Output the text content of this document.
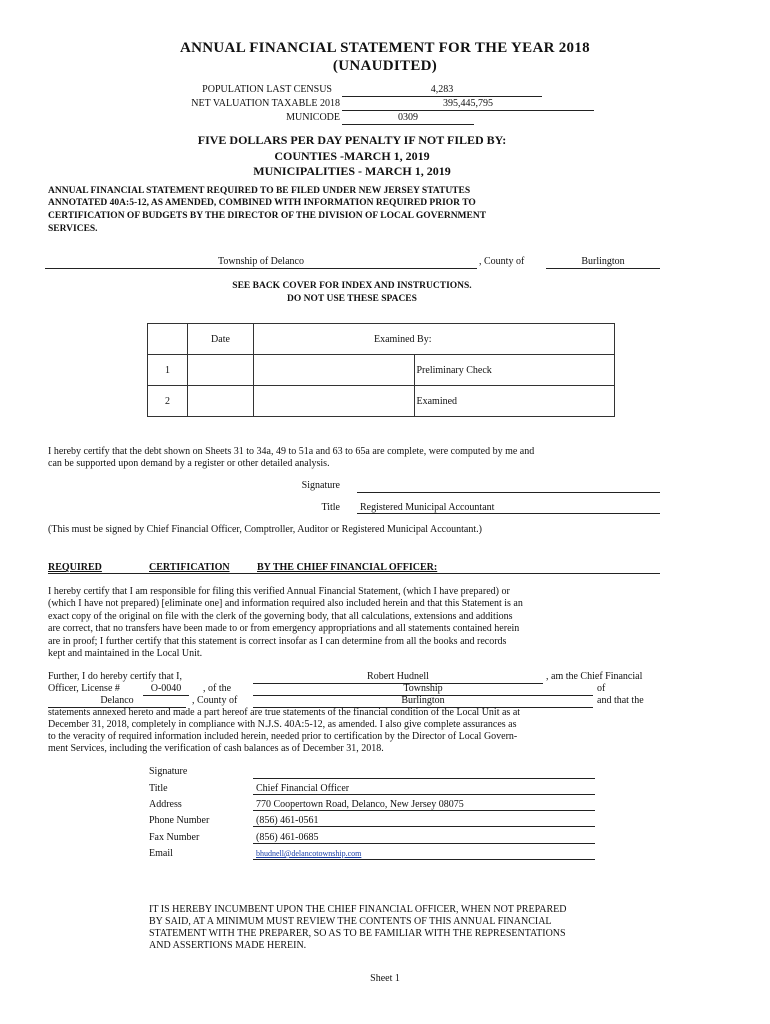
ANNUAL FINANCIAL STATEMENT FOR THE YEAR 2018
(UNAUDITED)
POPULATION LAST CENSUS	4,283
NET VALUATION TAXABLE 2018	395,445,795
MUNICODE	0309
FIVE DOLLARS PER DAY PENALTY IF NOT FILED BY:
COUNTIES -MARCH 1, 2019
MUNICIPALITIES - MARCH 1, 2019
ANNUAL FINANCIAL STATEMENT REQUIRED TO BE FILED UNDER NEW JERSEY STATUTES
ANNOTATED 40A:5-12, AS AMENDED, COMBINED WITH INFORMATION REQUIRED PRIOR TO
CERTIFICATION OF BUDGETS BY THE DIRECTOR OF THE DIVISION OF LOCAL GOVERNMENT
SERVICES.
Township of Delanco	, County of	Burlington
SEE BACK COVER FOR INDEX AND INSTRUCTIONS.
DO NOT USE THESE SPACES
	Date		Examined By:
1			Preliminary Check
2			Examined
I hereby certify that the debt shown on Sheets 31 to 34a, 49 to 51a and 63 to 65a are complete, were computed by me and
can be supported upon demand by a register or other detailed analysis.
Signature
Title	Registered Municipal Accountant
(This must be signed by Chief Financial Officer, Comptroller, Auditor or Registered Municipal Accountant.)
REQUIRED	CERTIFICATION	BY THE CHIEF FINANCIAL OFFICER:
I hereby certify that I am responsible for filing this verified Annual Financial Statement, (which I have prepared) or
(which I have not prepared) [eliminate one] and information required also included herein and that this Statement is an
exact copy of the original on file with the clerk of the governing body, that all calculations, extensions and additions
are correct, that no transfers have been made to or from emergency appropriations and all statements contained herein
are in proof; I further certify that this statement is correct insofar as I can determine from all the books and records
kept and maintained in the Local Unit.
Further, I do hereby certify that I,	Robert Hudnell	, am the Chief Financial
Officer, License #	O-0040	, of the	Township	of
Delanco	, County of	Burlington	and that the
statements annexed hereto and made a part hereof are true statements of the financial condition of the Local Unit as at
December 31, 2018, completely in compliance with N.J.S. 40A:5-12, as amended. I also give complete assurances as
to the veracity of required information included herein, needed prior to certification by the Director of Local Govern-
ment Services, including the verification of cash balances as of December 31, 2018.
Signature
Title	Chief Financial Officer
Address	770 Coopertown Road, Delanco, New Jersey 08075
Phone Number	(856) 461-0561
Fax Number	(856) 461-0685
Email	bhudnell@delancotownship.com
IT IS HEREBY INCUMBENT UPON THE CHIEF FINANCIAL OFFICER, WHEN NOT PREPARED
BY SAID, AT A MINIMUM MUST REVIEW THE CONTENTS OF THIS ANNUAL FINANCIAL
STATEMENT WITH THE PREPARER, SO AS TO BE FAMILIAR WITH THE REPRESENTATIONS
AND ASSERTIONS MADE HEREIN.
Sheet 1
